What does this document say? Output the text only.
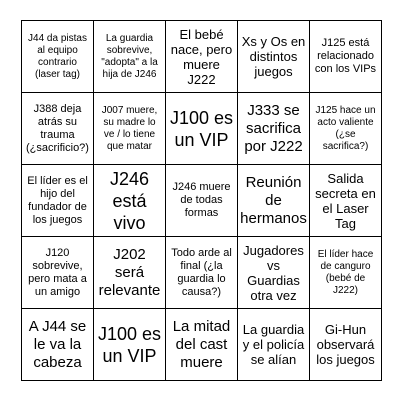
J44 da pistas al equipo contrario (laser tag)
La guardia sobrevive, "adopta" a la hija de J246
El bebé nace, pero muere J222
Xs y Os en distintos juegos
J125 está relacionado con los VIPs
J388 deja atrás su trauma (¿sacrificio?)
J007 muere, su madre lo ve / lo tiene que matar
J100 es un VIP
J333 se sacrifica por J222
J125 hace un acto valiente (¿se sacrifica?)
El líder es el hijo del fundador de los juegos
J246 está vivo
J246 muere de todas formas
Reunión de hermanos
Salida secreta en el Laser Tag
J120 sobrevive, pero mata a un amigo
J202 será relevante
Todo arde al final (¿la guardia lo causa?)
Jugadores vs Guardias otra vez
El líder hace de canguro (bebé de J222)
A J44 se le va la cabeza
J100 es un VIP
La mitad del cast muere
La guardia y el policía se alían
Gi-Hun observará los juegos
